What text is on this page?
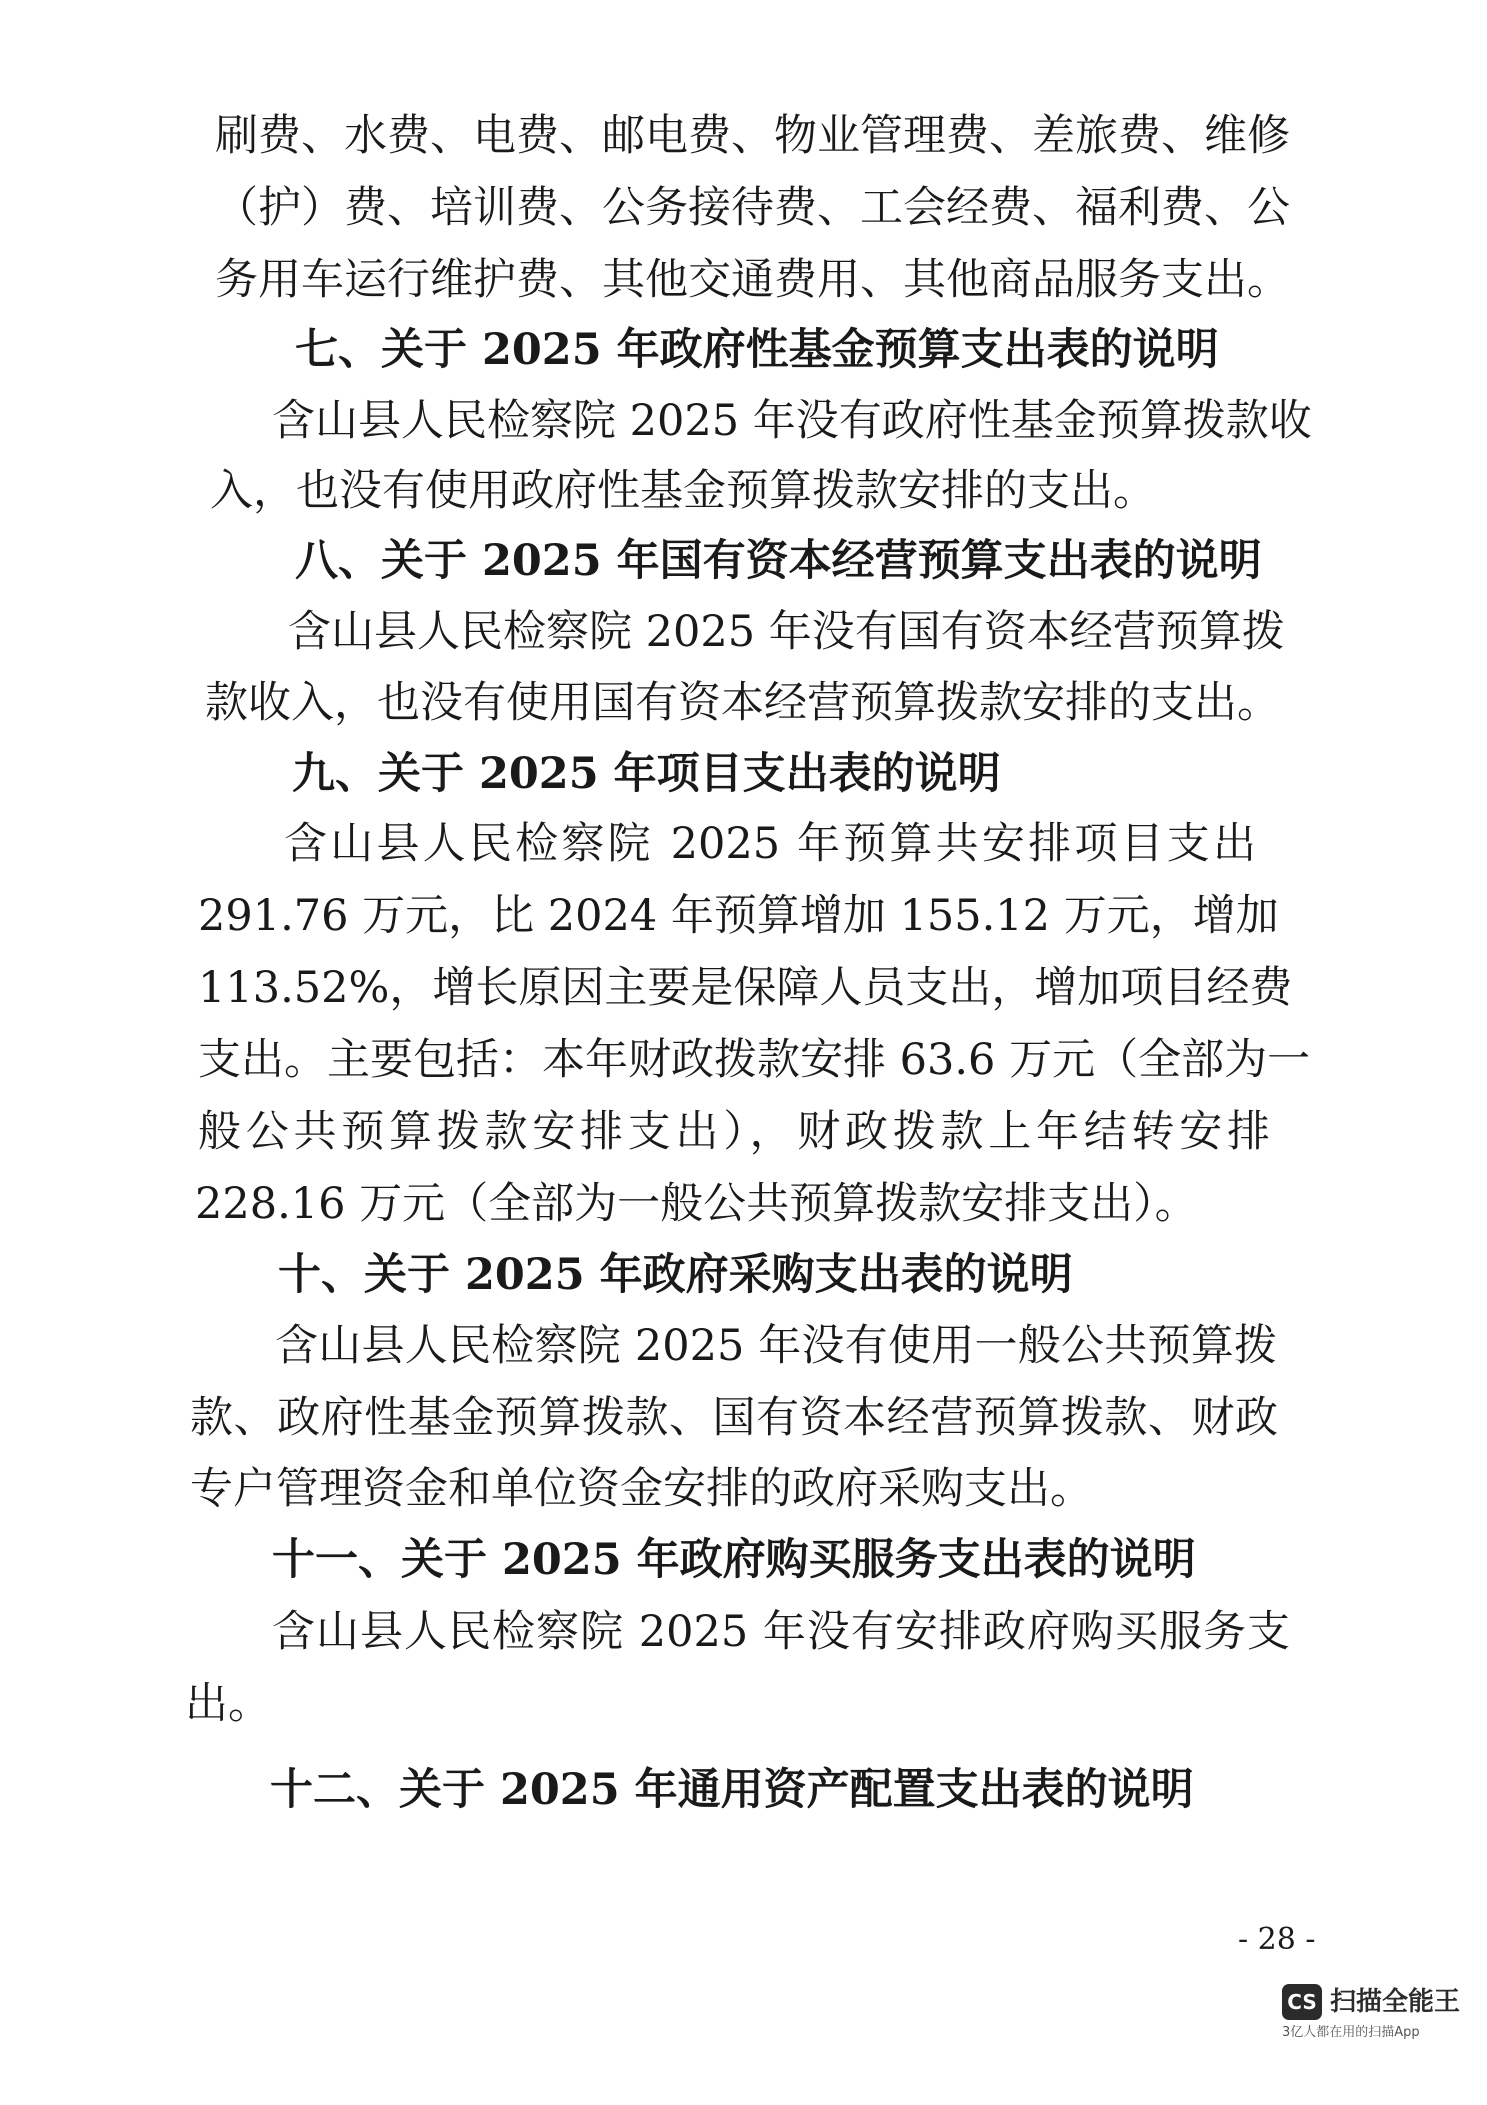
刷费、水费、电费、邮电费、物业管理费、差旅费、维修
（护）费、培训费、公务接待费、工会经费、福利费、公
务用车运行维护费、其他交通费用、其他商品服务支出。
七、关于 2025 年政府性基金预算支出表的说明
含山县人民检察院 2025 年没有政府性基金预算拨款收
入，也没有使用政府性基金预算拨款安排的支出。
八、关于 2025 年国有资本经营预算支出表的说明
含山县人民检察院 2025 年没有国有资本经营预算拨
款收入，也没有使用国有资本经营预算拨款安排的支出。
九、关于 2025 年项目支出表的说明
含山县人民检察院 2025 年预算共安排项目支出
291.76 万元，比 2024 年预算增加 155.12 万元，增加
113.52%，增长原因主要是保障人员支出，增加项目经费
支出。主要包括：本年财政拨款安排 63.6 万元（全部为一
般公共预算拨款安排支出），财政拨款上年结转安排
228.16 万元（全部为一般公共预算拨款安排支出）。
十、关于 2025 年政府采购支出表的说明
含山县人民检察院 2025 年没有使用一般公共预算拨
款、政府性基金预算拨款、国有资本经营预算拨款、财政
专户管理资金和单位资金安排的政府采购支出。
十一、关于 2025 年政府购买服务支出表的说明
含山县人民检察院 2025 年没有安排政府购买服务支
出。
十二、关于 2025 年通用资产配置支出表的说明
- 28 -
CS 扫描全能王
3亿人都在用的扫描App
